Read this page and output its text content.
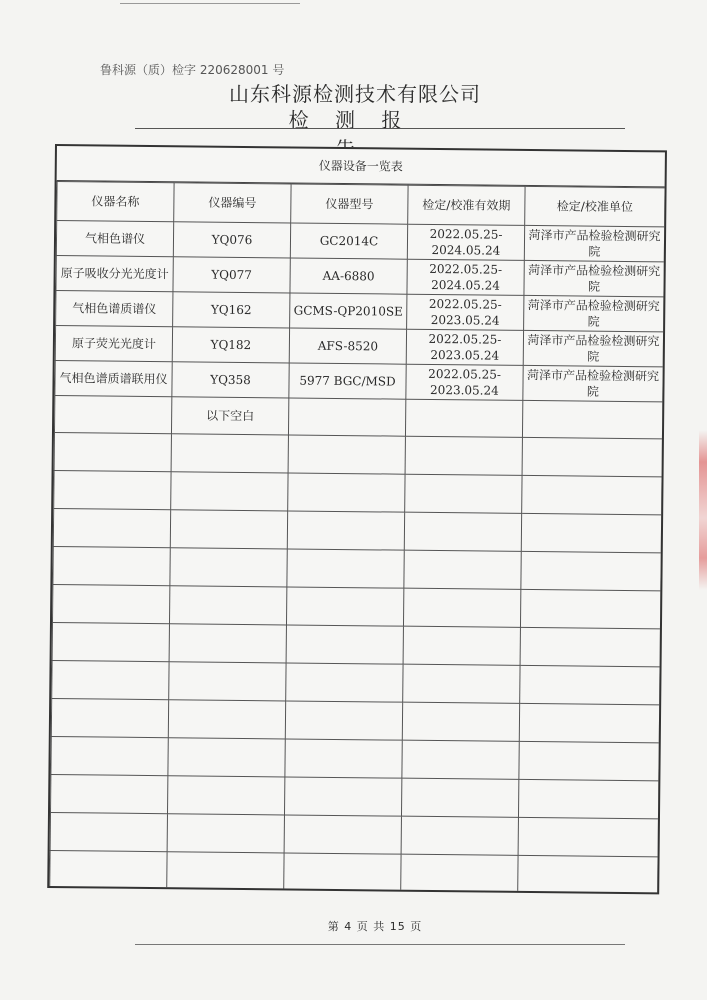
鲁科源（质）检字 220628001 号
山东科源检测技术有限公司
检 测 报
仪器设备一览表
仪器名称	仪器编号	仪器型号	检定/校准有效期	检定/校准单位
气相色谱仪	YQ076	GC2014C	2022.05.25-2024.05.24	菏泽市产品检验检测研究院
原子吸收分光光度计	YQ077	AA-6880	2022.05.25-2024.05.24	菏泽市产品检验检测研究院
气相色谱质谱仪	YQ162	GCMS-QP2010SE	2022.05.25-2023.05.24	菏泽市产品检验检测研究院
原子荧光光度计	YQ182	AFS-8520	2022.05.25-2023.05.24	菏泽市产品检验检测研究院
气相色谱质谱联用仪	YQ358	5977 BGC/MSD	2022.05.25-2023.05.24	菏泽市产品检验检测研究院
	以下空白			

第 4 页 共 15 页
